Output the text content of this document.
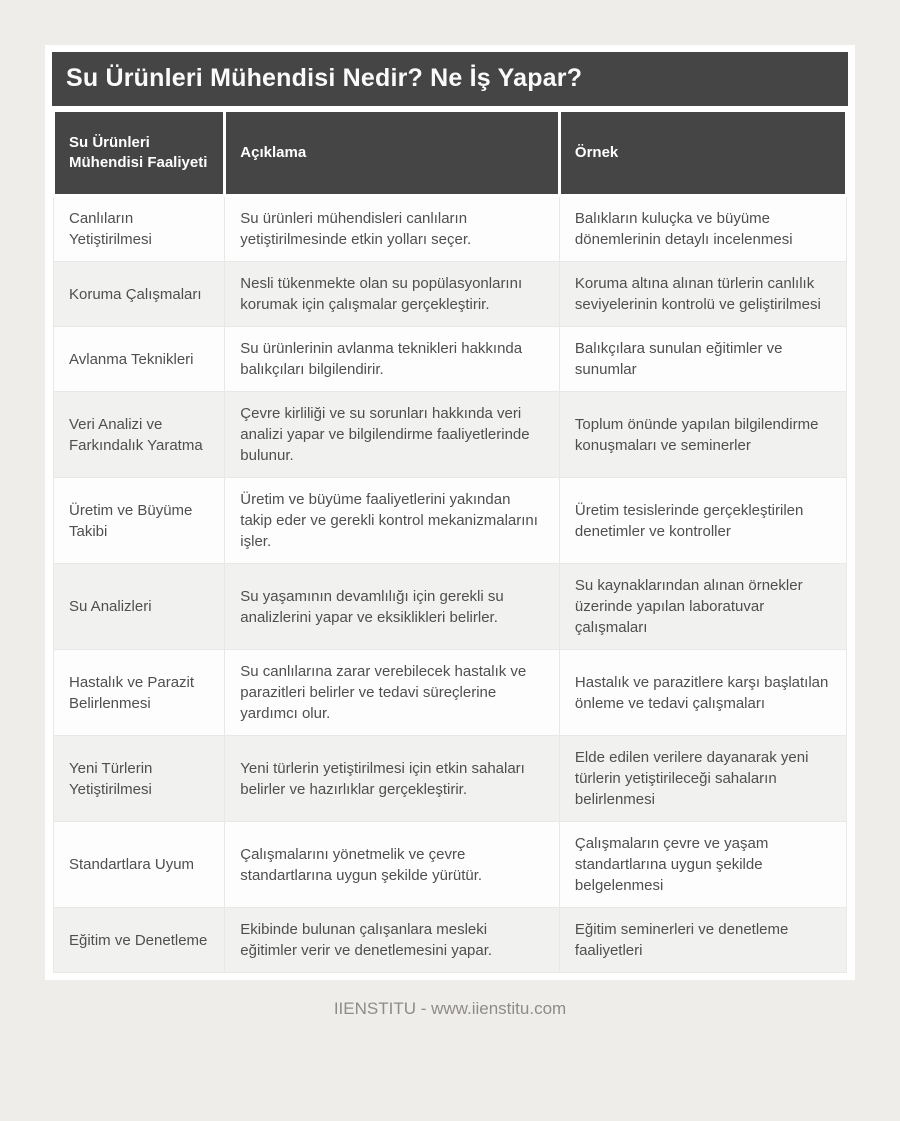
Su Ürünleri Mühendisi Nedir? Ne İş Yapar?
Su Ürünleri Mühendisi Faaliyeti	Açıklama	Örnek
Canlıların Yetiştirilmesi	Su ürünleri mühendisleri canlıların yetiştirilmesinde etkin yolları seçer.	Balıkların kuluçka ve büyüme dönemlerinin detaylı incelenmesi
Koruma Çalışmaları	Nesli tükenmekte olan su popülasyonlarını korumak için çalışmalar gerçekleştirir.	Koruma altına alınan türlerin canlılık seviyelerinin kontrolü ve geliştirilmesi
Avlanma Teknikleri	Su ürünlerinin avlanma teknikleri hakkında balıkçıları bilgilendirir.	Balıkçılara sunulan eğitimler ve sunumlar
Veri Analizi ve Farkındalık Yaratma	Çevre kirliliği ve su sorunları hakkında veri analizi yapar ve bilgilendirme faaliyetlerinde bulunur.	Toplum önünde yapılan bilgilendirme konuşmaları ve seminerler
Üretim ve Büyüme Takibi	Üretim ve büyüme faaliyetlerini yakından takip eder ve gerekli kontrol mekanizmalarını işler.	Üretim tesislerinde gerçekleştirilen denetimler ve kontroller
Su Analizleri	Su yaşamının devamlılığı için gerekli su analizlerini yapar ve eksiklikleri belirler.	Su kaynaklarından alınan örnekler üzerinde yapılan laboratuvar çalışmaları
Hastalık ve Parazit Belirlenmesi	Su canlılarına zarar verebilecek hastalık ve parazitleri belirler ve tedavi süreçlerine yardımcı olur.	Hastalık ve parazitlere karşı başlatılan önleme ve tedavi çalışmaları
Yeni Türlerin Yetiştirilmesi	Yeni türlerin yetiştirilmesi için etkin sahaları belirler ve hazırlıklar gerçekleştirir.	Elde edilen verilere dayanarak yeni türlerin yetiştirileceği sahaların belirlenmesi
Standartlara Uyum	Çalışmalarını yönetmelik ve çevre standartlarına uygun şekilde yürütür.	Çalışmaların çevre ve yaşam standartlarına uygun şekilde belgelenmesi
Eğitim ve Denetleme	Ekibinde bulunan çalışanlara mesleki eğitimler verir ve denetlemesini yapar.	Eğitim seminerleri ve denetleme faaliyetleri
IIENSTITU - www.iienstitu.com
